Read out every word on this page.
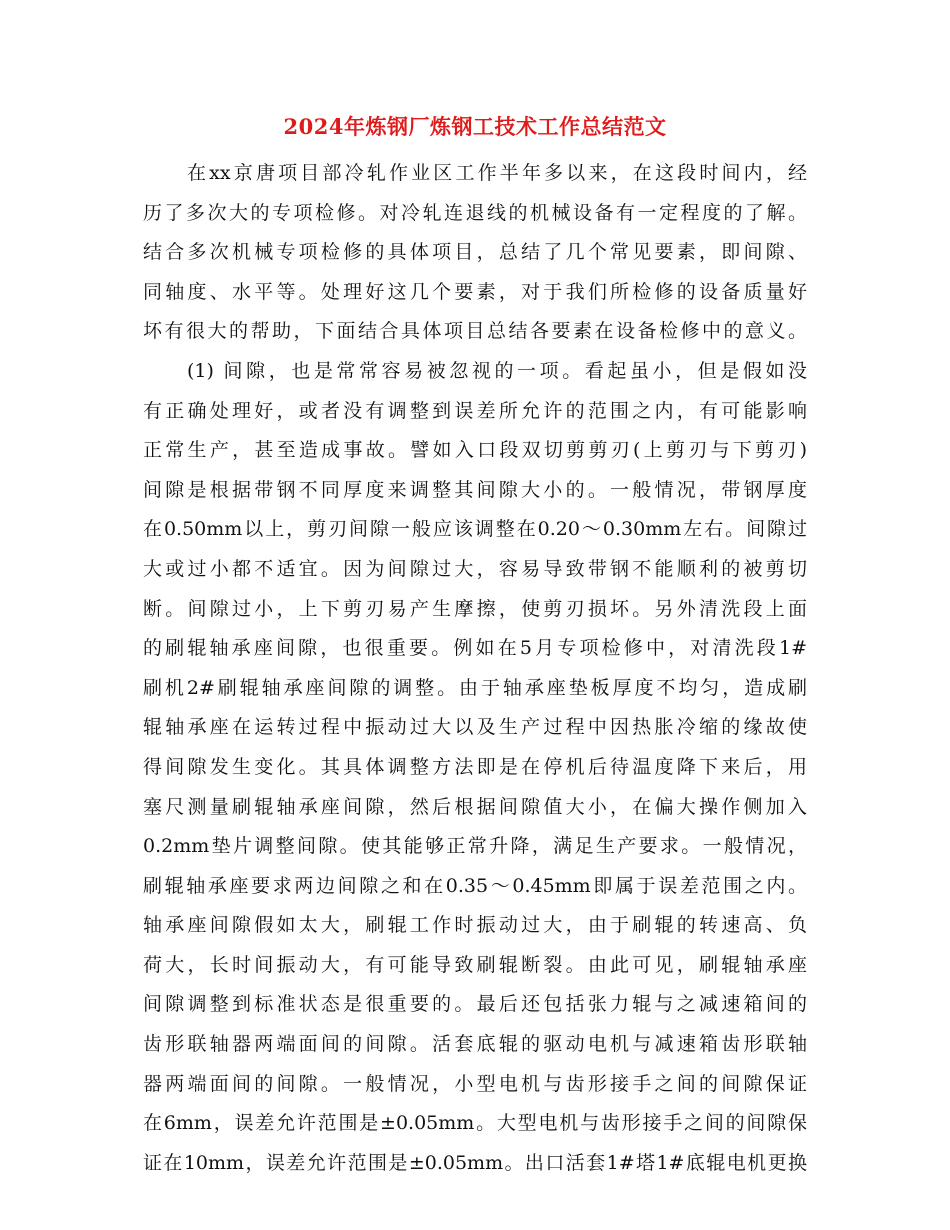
2024年炼钢厂炼钢工技术工作总结范文
在xx京唐项目部冷轧作业区工作半年多以来，在这段时间内，经
历了多次大的专项检修。对冷轧连退线的机械设备有一定程度的了解。
结合多次机械专项检修的具体项目，总结了几个常见要素，即间隙、
同轴度、水平等。处理好这几个要素，对于我们所检修的设备质量好
坏有很大的帮助，下面结合具体项目总结各要素在设备检修中的意义。
(1) 间隙，也是常常容易被忽视的一项。看起虽小，但是假如没
有正确处理好，或者没有调整到误差所允许的范围之内，有可能影响
正常生产，甚至造成事故。譬如入口段双切剪剪刃(上剪刃与下剪刃)
间隙是根据带钢不同厚度来调整其间隙大小的。一般情况，带钢厚度
在0.50mm以上，剪刃间隙一般应该调整在0.20～0.30mm左右。间隙过
大或过小都不适宜。因为间隙过大，容易导致带钢不能顺利的被剪切
断。间隙过小，上下剪刃易产生摩擦，使剪刃损坏。另外清洗段上面
的刷辊轴承座间隙，也很重要。例如在5月专项检修中，对清洗段1#
刷机2#刷辊轴承座间隙的调整。由于轴承座垫板厚度不均匀，造成刷
辊轴承座在运转过程中振动过大以及生产过程中因热胀冷缩的缘故使
得间隙发生变化。其具体调整方法即是在停机后待温度降下来后，用
塞尺测量刷辊轴承座间隙，然后根据间隙值大小，在偏大操作侧加入
0.2mm垫片调整间隙。使其能够正常升降，满足生产要求。一般情况，
刷辊轴承座要求两边间隙之和在0.35～0.45mm即属于误差范围之内。
轴承座间隙假如太大，刷辊工作时振动过大，由于刷辊的转速高、负
荷大，长时间振动大，有可能导致刷辊断裂。由此可见，刷辊轴承座
间隙调整到标准状态是很重要的。最后还包括张力辊与之减速箱间的
齿形联轴器两端面间的间隙。活套底辊的驱动电机与减速箱齿形联轴
器两端面间的间隙。一般情况，小型电机与齿形接手之间的间隙保证
在6mm，误差允许范围是±0.05mm。大型电机与齿形接手之间的间隙保
证在10mm，误差允许范围是±0.05mm。出口活套1#塔1#底辊电机更换
